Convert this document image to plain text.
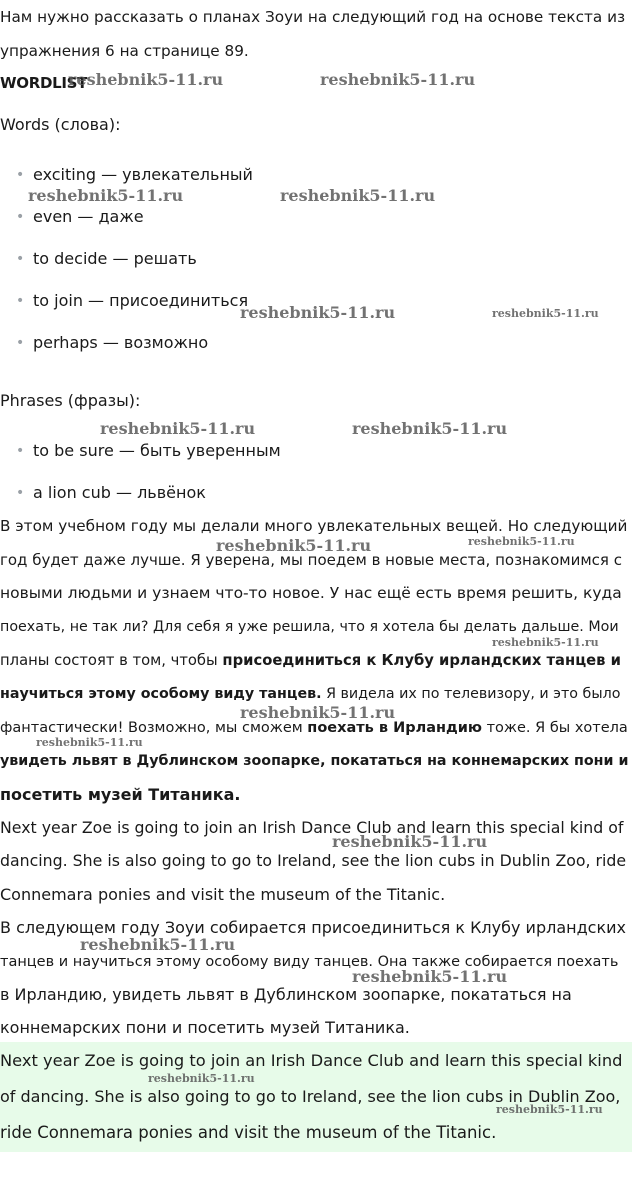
Нам нужно рассказать о планах Зоуи на следующий год на основе текста из
упражнения 6 на странице 89.
WORDLIST
Words (слова):
• exciting — увлекательный
• even — даже
• to decide — решать
• to join — присоединиться
• perhaps — возможно
Phrases (фразы):
• to be sure — быть уверенным
• a lion cub — львёнок
В этом учебном году мы делали много увлекательных вещей. Но следующий
год будет даже лучше. Я уверена, мы поедем в новые места, познакомимся с
новыми людьми и узнаем что-то новое. У нас ещё есть время решить, куда
поехать, не так ли? Для себя я уже решила, что я хотела бы делать дальше. Мои
планы состоят в том, чтобы присоединиться к Клубу ирландских танцев и
научиться этому особому виду танцев. Я видела их по телевизору, и это было
фантастически! Возможно, мы сможем поехать в Ирландию тоже. Я бы хотела
увидеть львят в Дублинском зоопарке, покататься на коннемарских пони и
посетить музей Титаника.
Next year Zoe is going to join an Irish Dance Club and learn this special kind of
dancing. She is also going to go to Ireland, see the lion cubs in Dublin Zoo, ride
Connemara ponies and visit the museum of the Titanic.
В следующем году Зоуи собирается присоединиться к Клубу ирландских
танцев и научиться этому особому виду танцев. Она также собирается поехать
в Ирландию, увидеть львят в Дублинском зоопарке, покататься на
коннемарских пони и посетить музей Титаника.
Next year Zoe is going to join an Irish Dance Club and learn this special kind
of dancing. She is also going to go to Ireland, see the lion cubs in Dublin Zoo,
ride Connemara ponies and visit the museum of the Titanic.
reshebnik5-11.ru	reshebnik5-11.ru
reshebnik5-11.ru	reshebnik5-11.ru
reshebnik5-11.ru	reshebnik5-11.ru
reshebnik5-11.ru	reshebnik5-11.ru
reshebnik5-11.ru	reshebnik5-11.ru
reshebnik5-11.ru
reshebnik5-11.ru
reshebnik5-11.ru
reshebnik5-11.ru
reshebnik5-11.ru
reshebnik5-11.ru
reshebnik5-11.ru
reshebnik5-11.ru
